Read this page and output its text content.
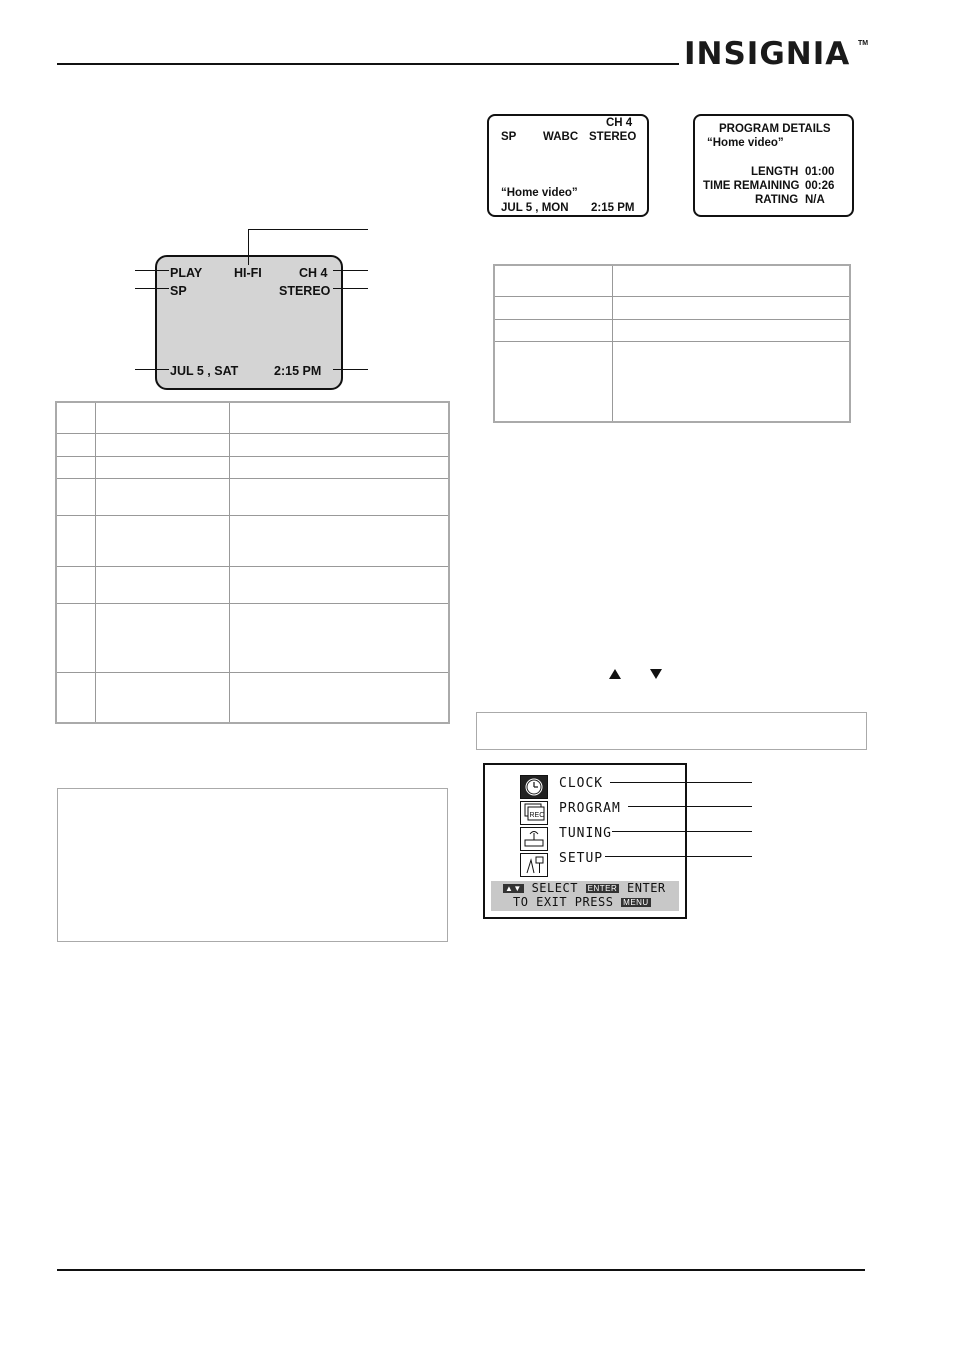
INSIGNIA TM
CH 4
SP WABC STEREO
“Home video”
JUL 5 , MON 2:15 PM
PROGRAM DETAILS
“Home video”
LENGTH 01:00
TIME REMAINING 00:26
RATING N/A
PLAY	HI-FI	CH 4
SP	STEREO
JUL 5 , SAT	2:15 PM
CLOCK
REC PROGRAM
TUNING
SETUP
▲▼ SELECT ENTER ENTER
TO EXIT PRESS MENU
